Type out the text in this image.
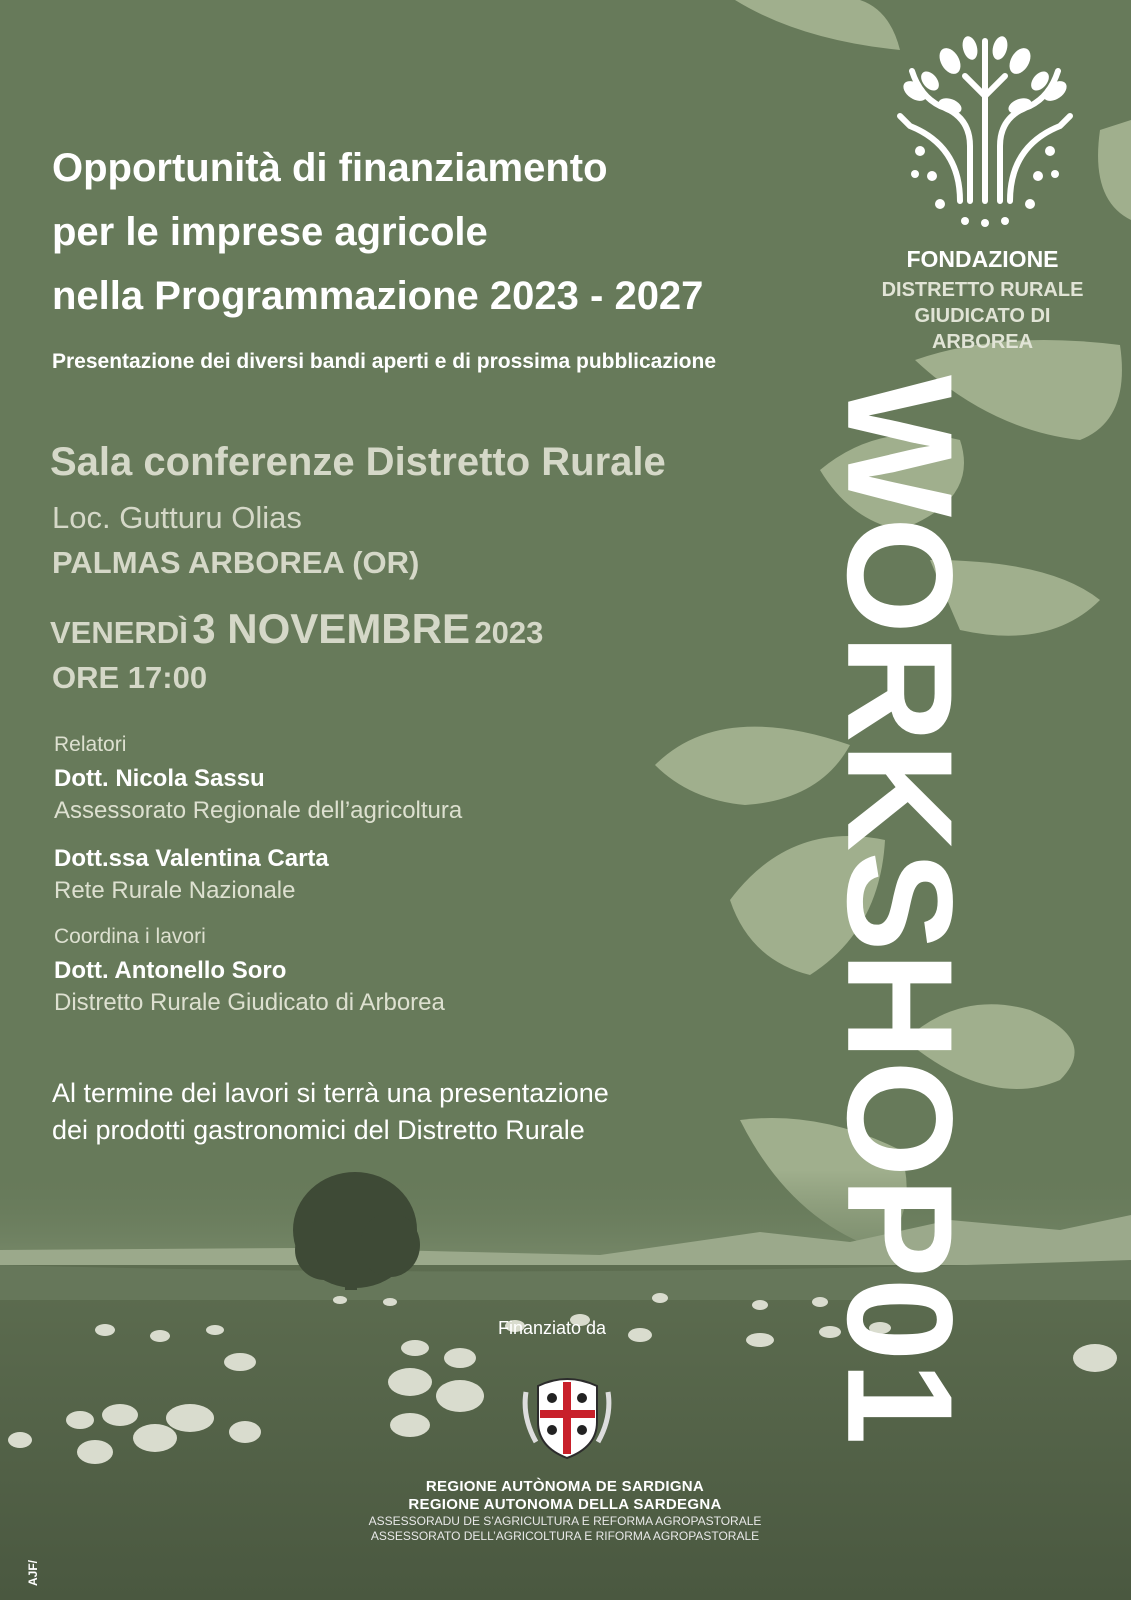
FONDAZIONE
DISTRETTO RURALE
GIUDICATO DI ARBOREA
Opportunità di finanziamento
per le imprese agricole
nella Programmazione 2023 - 2027
Presentazione dei diversi bandi aperti e di prossima pubblicazione
Sala conferenze Distretto Rurale
Loc. Gutturu Olias
PALMAS ARBOREA (OR)
VENERDÌ 3 NOVEMBRE 2023
ORE 17:00
Relatori
Dott. Nicola Sassu
Assessorato Regionale dell’agricoltura
Dott.ssa Valentina Carta
Rete Rurale Nazionale
Coordina i lavori
Dott. Antonello Soro
Distretto Rurale Giudicato di Arborea
Al termine dei lavori si terrà una presentazione
dei prodotti gastronomici del Distretto Rurale WORKSHOP01
Finanziato da
REGIONE AUTÒNOMA DE SARDIGNA
REGIONE AUTONOMA DELLA SARDEGNA
ASSESSORADU DE S’AGRICULTURA E REFORMA AGROPASTORALE
ASSESSORATO DELL’AGRICOLTURA E RIFORMA AGROPASTORALE
AJF/
